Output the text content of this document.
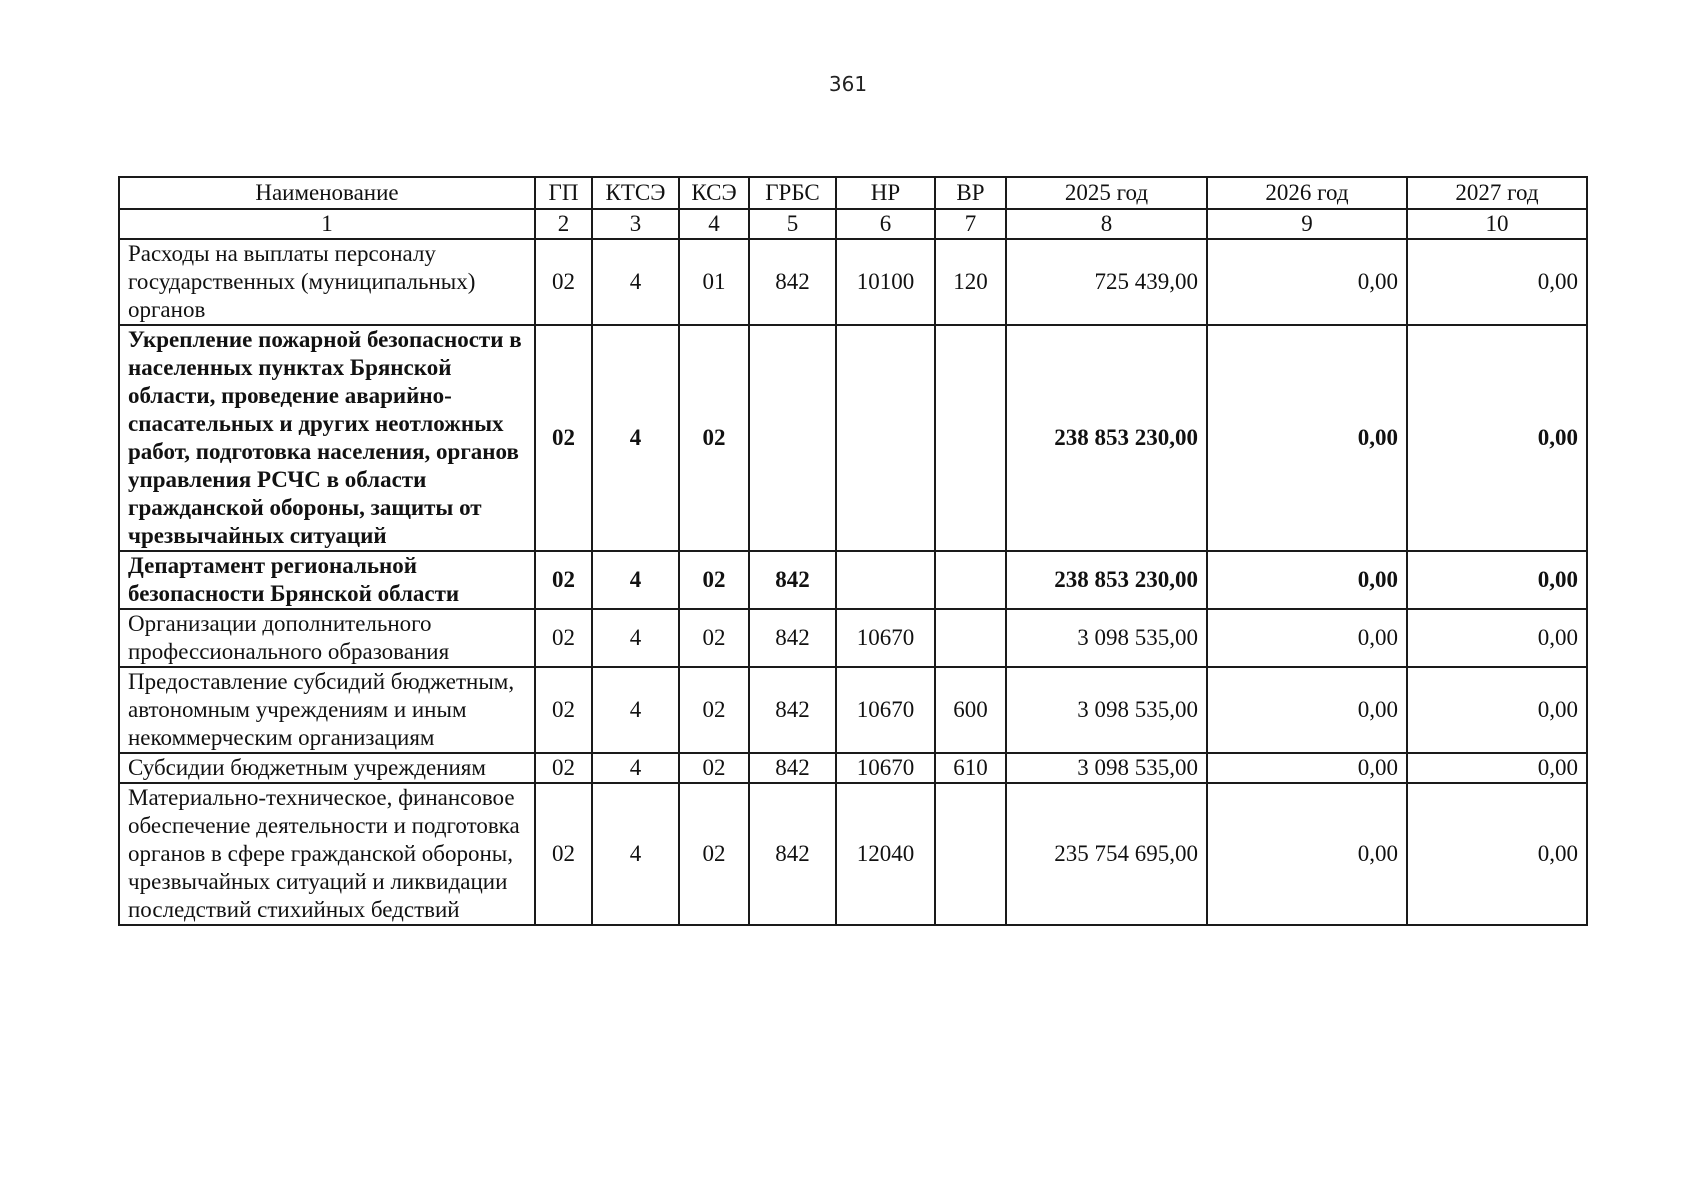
361
Наименование	ГП	КТСЭ	КСЭ	ГРБС	НР	ВР	2025 год	2026 год	2027 год
1	2	3	4	5	6	7	8	9	10
Расходы на выплаты персоналу государственных (муниципальных) органов	02	4	01	842	10100	120	725 439,00	0,00	0,00
Укрепление пожарной безопасности в населенных пунктах Брянской области, проведение аварийно-спасательных и других неотложных работ, подготовка населения, органов управления РСЧС в области гражданской обороны, защиты от чрезвычайных ситуаций	02	4	02				238 853 230,00	0,00	0,00
Департамент региональной безопасности Брянской области	02	4	02	842			238 853 230,00	0,00	0,00
Организации дополнительного профессионального образования	02	4	02	842	10670		3 098 535,00	0,00	0,00
Предоставление субсидий бюджетным, автономным учреждениям и иным некоммерческим организациям	02	4	02	842	10670	600	3 098 535,00	0,00	0,00
Субсидии бюджетным учреждениям	02	4	02	842	10670	610	3 098 535,00	0,00	0,00
Материально-техническое, финансовое обеспечение деятельности и подготовка органов в сфере гражданской обороны, чрезвычайных ситуаций и ликвидации последствий стихийных бедствий	02	4	02	842	12040		235 754 695,00	0,00	0,00
